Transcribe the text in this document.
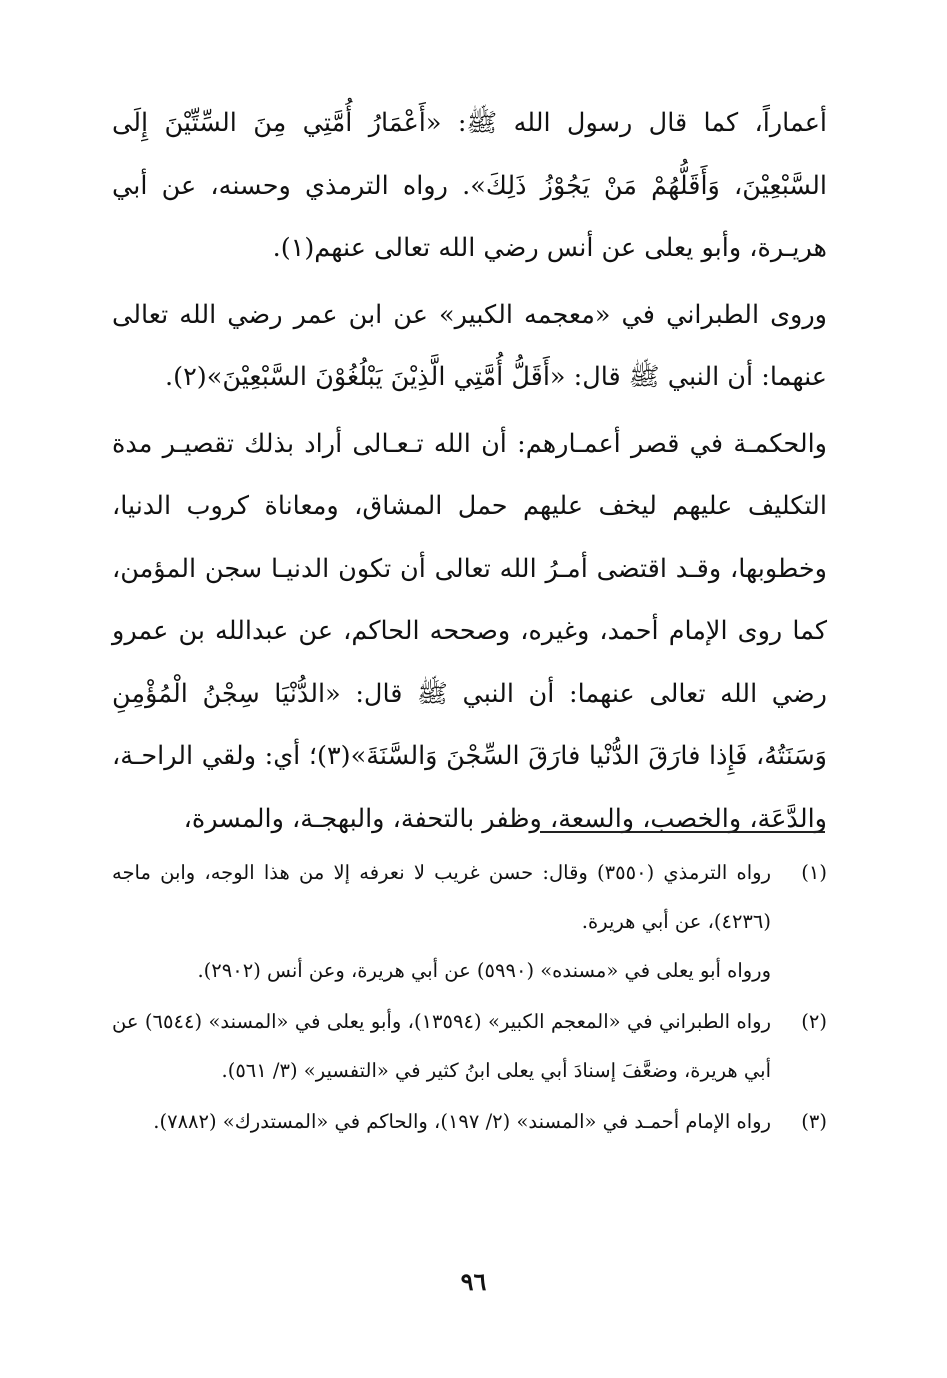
أعماراً، كما قال رسول الله ﷺ: «أَعْمَارُ أُمَّتِي مِنَ السِّتِّيْنَ إِلَى السَّبْعِيْنَ، وَأَقَلُّهُمْ مَنْ يَجُوْزُ ذَلِكَ». رواه الترمذي وحسنه، عن أبي هريـرة، وأبو يعلى عن أنس رضي الله تعالى عنهم(١).

وروى الطبراني في «معجمه الكبير» عن ابن عمر رضي الله تعالى عنهما: أن النبي ﷺ قال: «أَقَلُّ أُمَّتِي الَّذِيْنَ يَبْلُغُوْنَ السَّبْعِيْنَ»(٢).

والحكمـة في قصر أعمـارهم: أن الله تـعـالى أراد بذلك تقصيـر مدة التكليف عليهم ليخف عليهم حمل المشاق، ومعاناة كروب الدنيا، وخطوبها، وقـد اقتضى أمـرُ الله تعالى أن تكون الدنيـا سجن المؤمن، كما روى الإمام أحمد، وغيره، وصححه الحاكم، عن عبدالله بن عمرو رضي الله تعالى عنهما: أن النبي ﷺ قال: «الدُّنْيَا سِجْنُ الْمُؤْمِنِ وَسَنَتُهُ، فَإِذا فارَقَ الدُّنْيا فارَقَ السِّجْنَ وَالسَّنَةَ»(٣)؛ أي: ولقي الراحـة، والدَّعَة، والخصب، والسعة، وظفر بالتحفة، والبهجـة، والمسرة،

(١)

رواه الترمذي (٣٥٥٠) وقال: حسن غريب لا نعرفه إلا من هذا الوجه، وابن ماجه (٤٢٣٦)، عن أبي هريرة.

ورواه أبو يعلى في «مسنده» (٥٩٩٠) عن أبي هريرة، وعن أنس (٢٩٠٢).

(٢)

رواه الطبراني في «المعجم الكبير» (١٣٥٩٤)، وأبو يعلى في «المسند» (٦٥٤٤) عن أبي هريرة، وضعَّفَ إسنادَ أبي يعلى ابنُ كثير في «التفسير» (٣/ ٥٦١).

(٣)

رواه الإمام أحمـد في «المسند» (٢/ ١٩٧)، والحاكم في «المستدرك» (٧٨٨٢).

٩٦
